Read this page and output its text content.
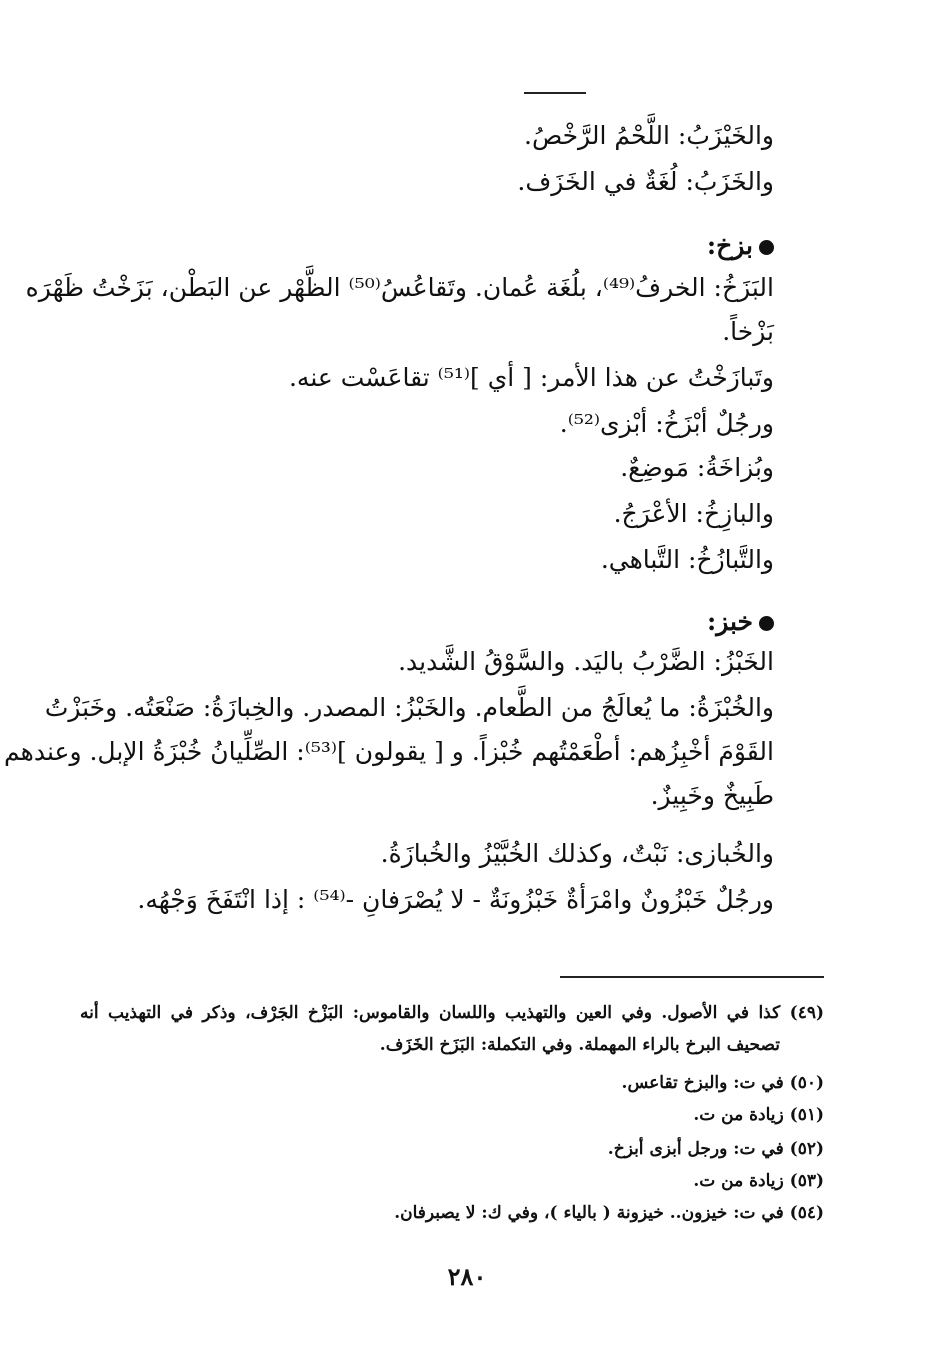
والخَيْزَبُ: اللَّحْمُ الرَّخْصُ.
والخَزَبُ: لُغَةٌ في الخَزَف.
بزخ:
البَزَخُ: الخرفُ⁽⁴⁹⁾، بلُغَة عُمان. وتَقاعُسُ⁽⁵⁰⁾ الظَّهْر عن البَطْن، بَزَخْتُ ظَهْرَه
بَزْخاً.
وتَبازَخْتُ عن هذا الأمر: [ أي ]⁽⁵¹⁾ تقاعَسْت عنه.
ورجُلٌ أبْزَخُ: أبْزى⁽⁵²⁾.
وبُزاخَةُ: مَوضِعٌ.
والبازِخُ: الأعْرَجُ.
والتَّبازُخُ: التَّباهي.
خبز:
الخَبْزُ: الضَّرْبُ باليَد. والسَّوْقُ الشَّديد.
والخُبْزَةُ: ما يُعالَجُ من الطَّعام. والخَبْزُ: المصدر. والخِبازَةُ: صَنْعَتُه. وخَبَزْتُ
القَوْمَ أخْبِزُهم: أطْعَمْتُهم خُبْزاً. و [ يقولون ]⁽⁵³⁾: الصِّلِّيانُ خُبْزَةُ الإبل. وعندهم
طَبِيخٌ وخَبِيزٌ.
والخُبازى: نَبْتٌ، وكذلك الخُبَّيْزُ والخُبازَةُ.
ورجُلٌ خَبْزُونٌ وامْرَأةٌ خَبْزُونَةٌ - لا يُصْرَفانِ -⁽⁵⁴⁾ : إذا انْتَفَخَ وَجْهُه.
(٤٩) كذا في الأصول. وفي العين والتهذيب واللسان والقاموس: البَزْخ الجَرْف، وذكر في التهذيب أنه
تصحيف البرخ بالراء المهملة. وفي التكملة: البَزَخ الخَزَف.
(٥٠) في ت: والبزخ تقاعس.
(٥١) زيادة من ت.
(٥٢) في ت: ورجل أبزى أبزخ.
(٥٣) زيادة من ت.
(٥٤) في ت: خيزون.. خيزونة ( بالياء )، وفي ك: لا يصبرفان.
٢٨٠
